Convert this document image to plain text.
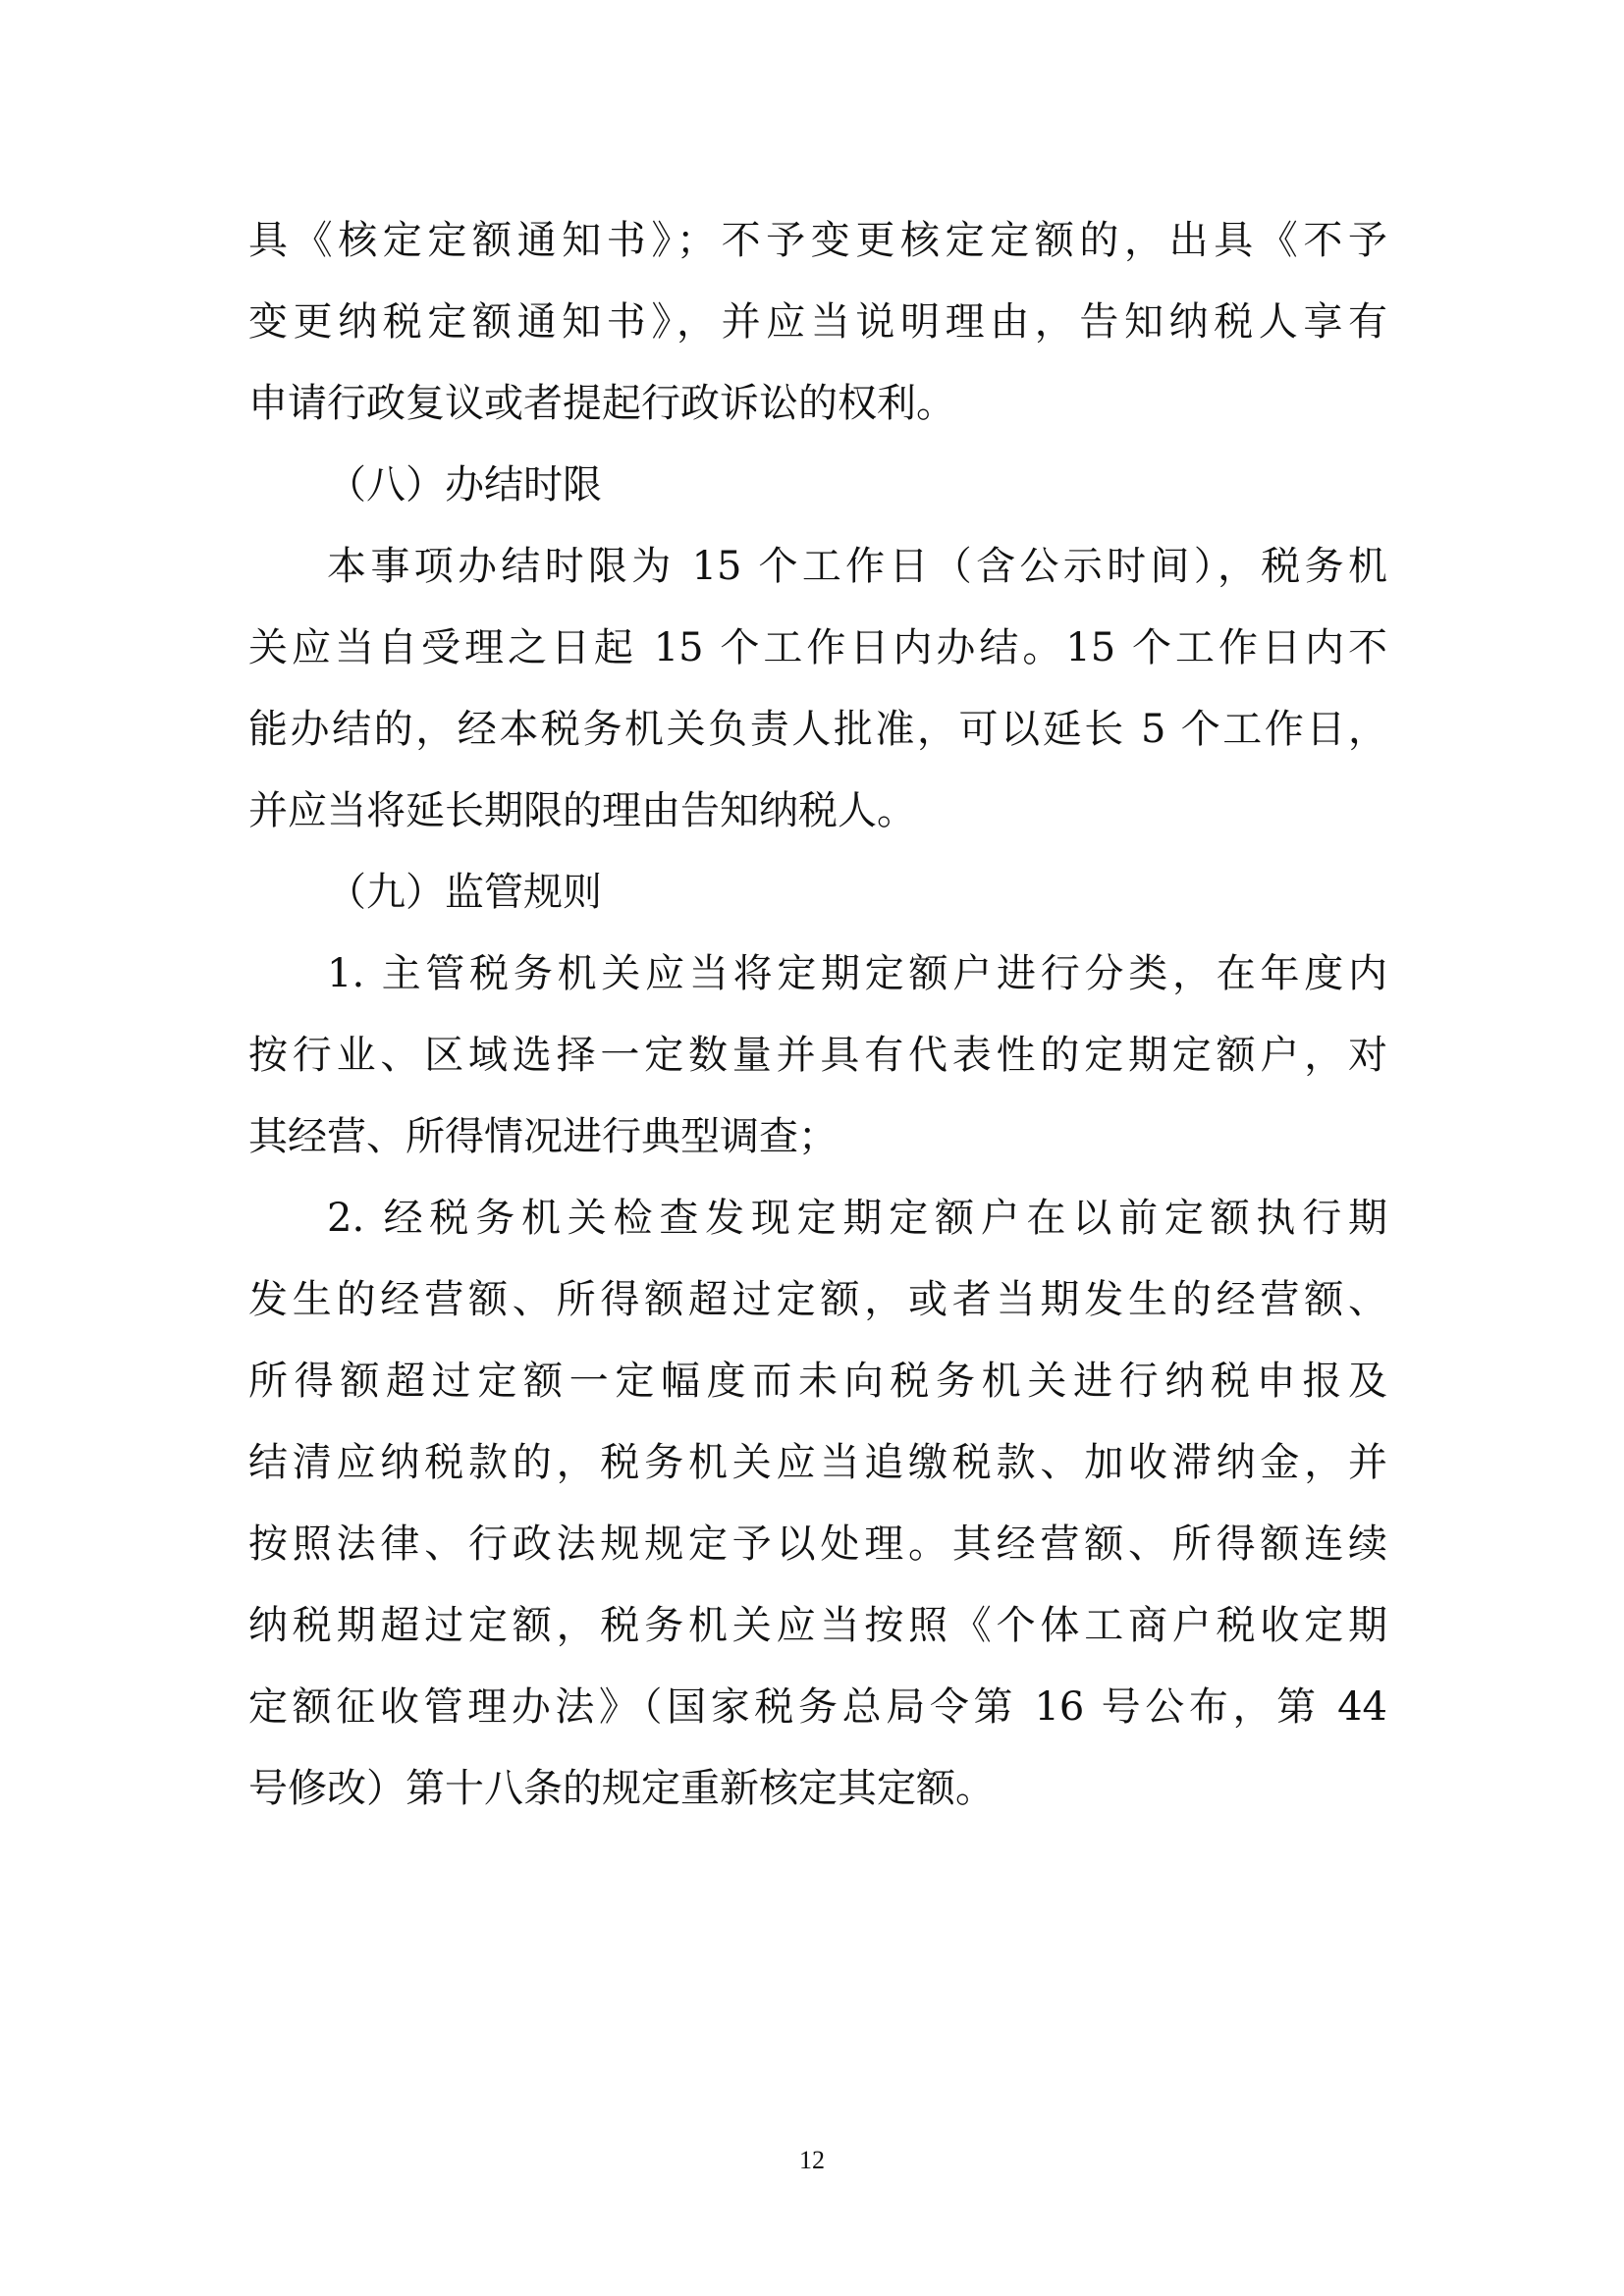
具《核定定额通知书》；不予变更核定定额的，出具《不予
变更纳税定额通知书》，并应当说明理由，告知纳税人享有
申请行政复议或者提起行政诉讼的权利。
（八）办结时限
本事项办结时限为 15 个工作日（含公示时间），税务机
关应当自受理之日起 15 个工作日内办结。15 个工作日内不
能办结的，经本税务机关负责人批准，可以延长 5 个工作日，
并应当将延长期限的理由告知纳税人。
（九）监管规则
1. 主管税务机关应当将定期定额户进行分类，在年度内
按行业、区域选择一定数量并具有代表性的定期定额户，对
其经营、所得情况进行典型调查；
2. 经税务机关检查发现定期定额户在以前定额执行期
发生的经营额、所得额超过定额，或者当期发生的经营额、
所得额超过定额一定幅度而未向税务机关进行纳税申报及
结清应纳税款的，税务机关应当追缴税款、加收滞纳金，并
按照法律、行政法规规定予以处理。其经营额、所得额连续
纳税期超过定额，税务机关应当按照《个体工商户税收定期
定额征收管理办法》（国家税务总局令第 16 号公布，第 44
号修改）第十八条的规定重新核定其定额。
12
